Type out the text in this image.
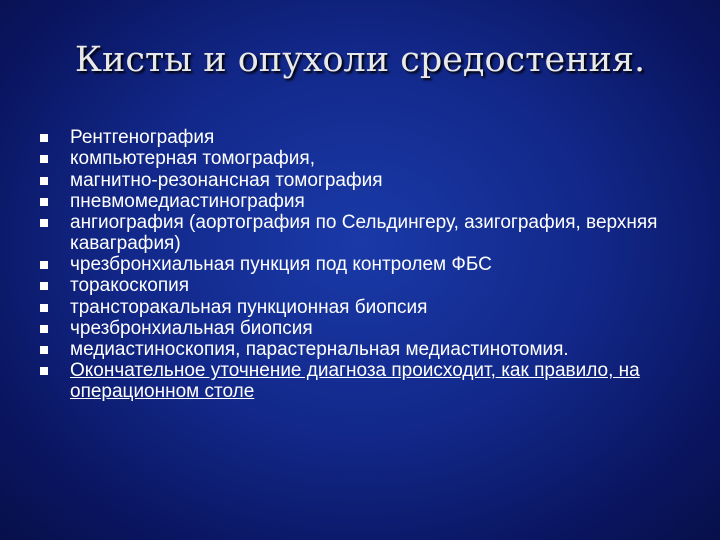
Кисты и опухоли средостения.
Рентгенография
компьютерная томография,
магнитно-резонансная томография
пневмомедиастинография
ангиография (аортография по Сельдингеру, азигография, верхняя каваграфия)
чрезбронхиальная пункция под контролем ФБС
торакоскопия
трансторакальная пункционная биопсия
чрезбронхиальная биопсия
медиастиноскопия, парастернальная медиастинотомия.
Окончательное уточнение диагноза происходит, как правило, на операционном столе
